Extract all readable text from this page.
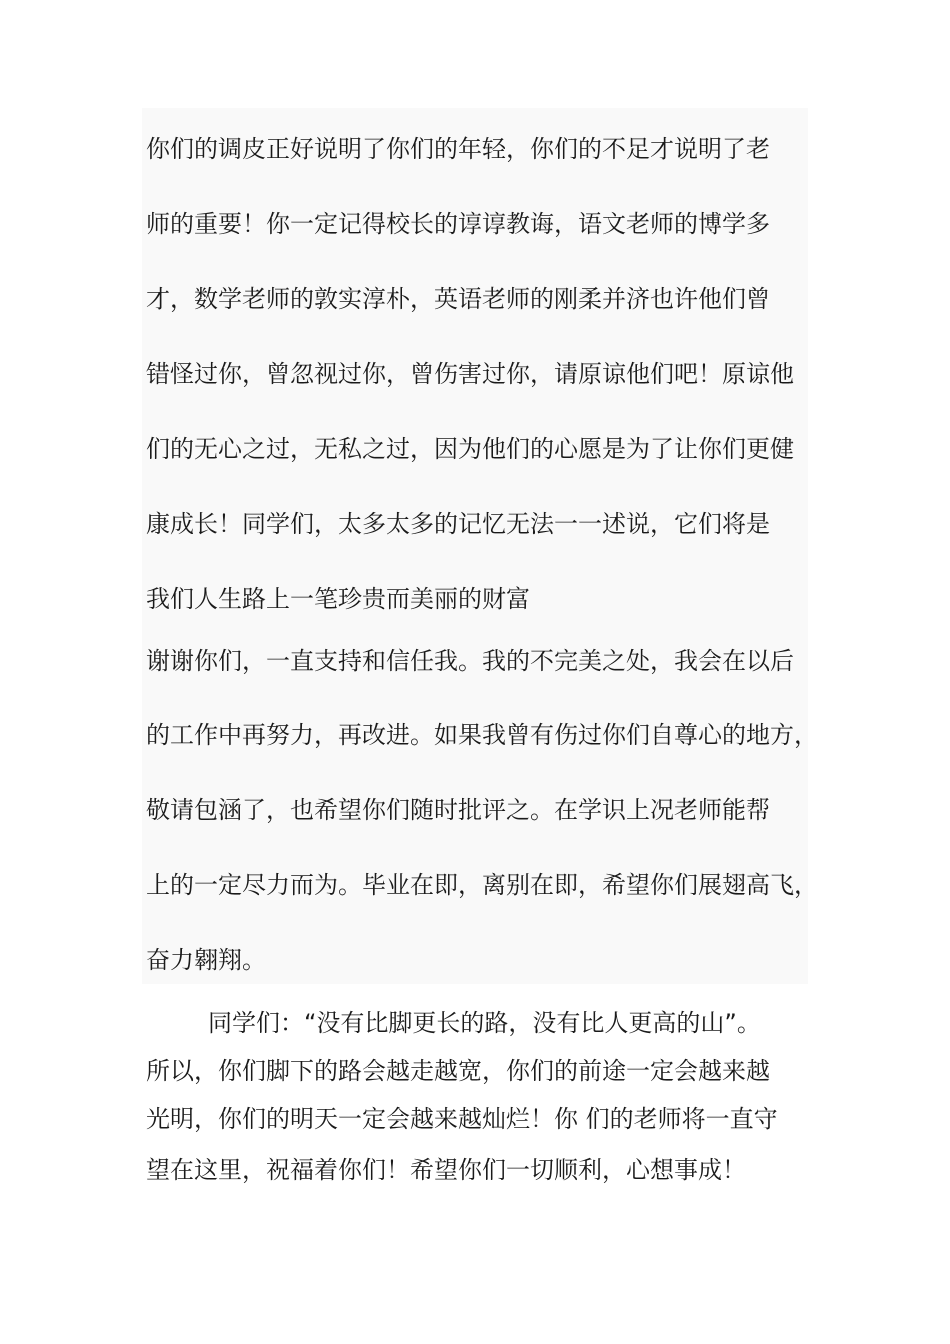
你们的调皮正好说明了你们的年轻，你们的不足才说明了老

师的重要！你一定记得校长的谆谆教诲，语文老师的博学多

才，数学老师的敦实淳朴，英语老师的刚柔并济也许他们曾

错怪过你，曾忽视过你，曾伤害过你，请原谅他们吧！原谅他

们的无心之过，无私之过，因为他们的心愿是为了让你们更健

康成长！同学们，太多太多的记忆无法一一述说，它们将是

我们人生路上一笔珍贵而美丽的财富

谢谢你们，一直支持和信任我。我的不完美之处，我会在以后

的工作中再努力，再改进。如果我曾有伤过你们自尊心的地方，

敬请包涵了，也希望你们随时批评之。在学识上况老师能帮

上的一定尽力而为。毕业在即，离别在即，希望你们展翅高飞，

奋力翱翔。

同学们：“没有比脚更长的路，没有比人更高的山”。

所以，你们脚下的路会越走越宽，你们的前途一定会越来越

光明，你们的明天一定会越来越灿烂！你 们的老师将一直守

望在这里，祝福着你们！希望你们一切顺利，心想事成！
